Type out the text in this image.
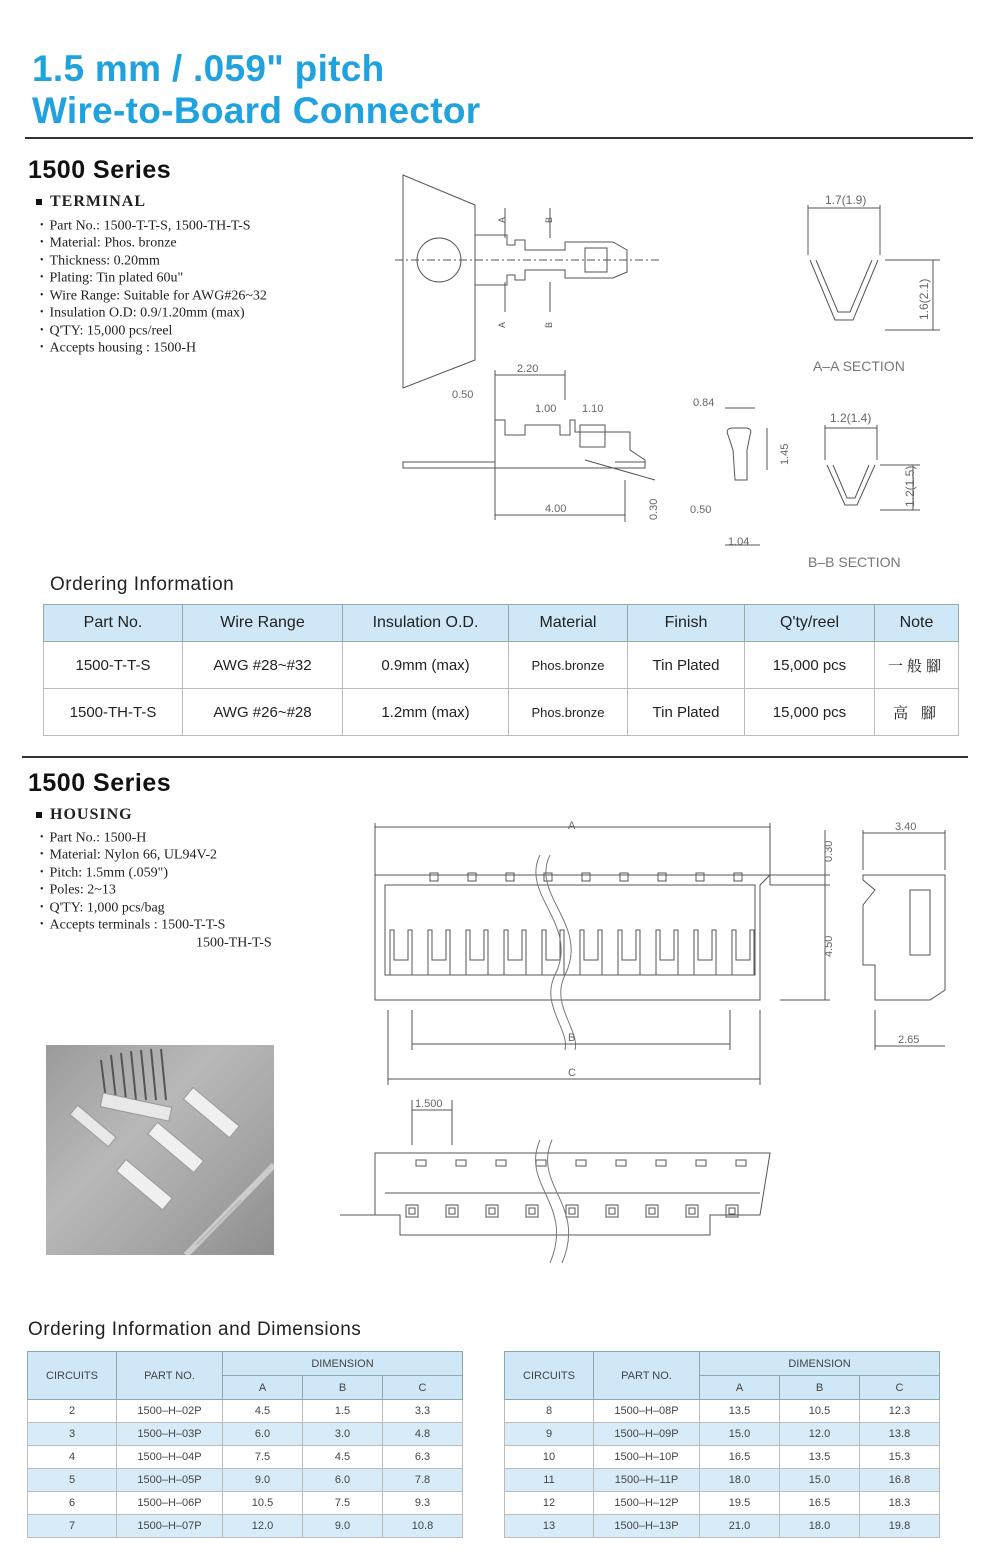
1.5 mm / .059" pitch
Wire-to-Board Connector
1500 Series
TERMINAL
• Part No.: 1500-T-T-S, 1500-TH-T-S
• Material: Phos. bronze
• Thickness: 0.20mm
• Plating: Tin plated 60u"
• Wire Range: Suitable for AWG#26~32
• Insulation O.D: 0.9/1.20mm (max)
• Q'TY: 15,000 pcs/reel
• Accepts housing : 1500-H
A	B
A	B
1.7(1.9)
1.6(2.1)
A–A SECTION
2.20
0.50
1.00 1.10
4.00	0.30
0.84
1.45
0.50
1.04
1.2(1.4)
1.2(1.5)
B–B SECTION
Ordering Information
Part No.	Wire Range	Insulation O.D.	Material	Finish	Q'ty/reel	Note
1500-T-T-S	AWG #28~#32	0.9mm (max)	Phos.bronze	Tin Plated	15,000 pcs	一般腳
1500-TH-T-S	AWG #26~#28	1.2mm (max)	Phos.bronze	Tin Plated	15,000 pcs	高 腳
1500 Series
HOUSING
• Part No.: 1500-H
• Material: Nylon 66, UL94V-2
• Pitch: 1.5mm (.059")
• Poles: 2~13
• Q'TY: 1,000 pcs/bag
• Accepts terminals : 1500-T-T-S
1500-TH-T-S
A
0.30
4.50
B
C
3.40
2.65
1.500
Ordering Information and Dimensions
CIRCUITS	PART NO.	DIMENSION		
		A	B	C
2	1500–H–02P	4.5	1.5	3.3
3	1500–H–03P	6.0	3.0	4.8
4	1500–H–04P	7.5	4.5	6.3
5	1500–H–05P	9.0	6.0	7.8
6	1500–H–06P	10.5	7.5	9.3
7	1500–H–07P	12.0	9.0	10.8
CIRCUITS	PART NO.	DIMENSION		
		A	B	C
8	1500–H–08P	13.5	10.5	12.3
9	1500–H–09P	15.0	12.0	13.8
10	1500–H–10P	16.5	13.5	15.3
11	1500–H–11P	18.0	15.0	16.8
12	1500–H–12P	19.5	16.5	18.3
13	1500–H–13P	21.0	18.0	19.8
